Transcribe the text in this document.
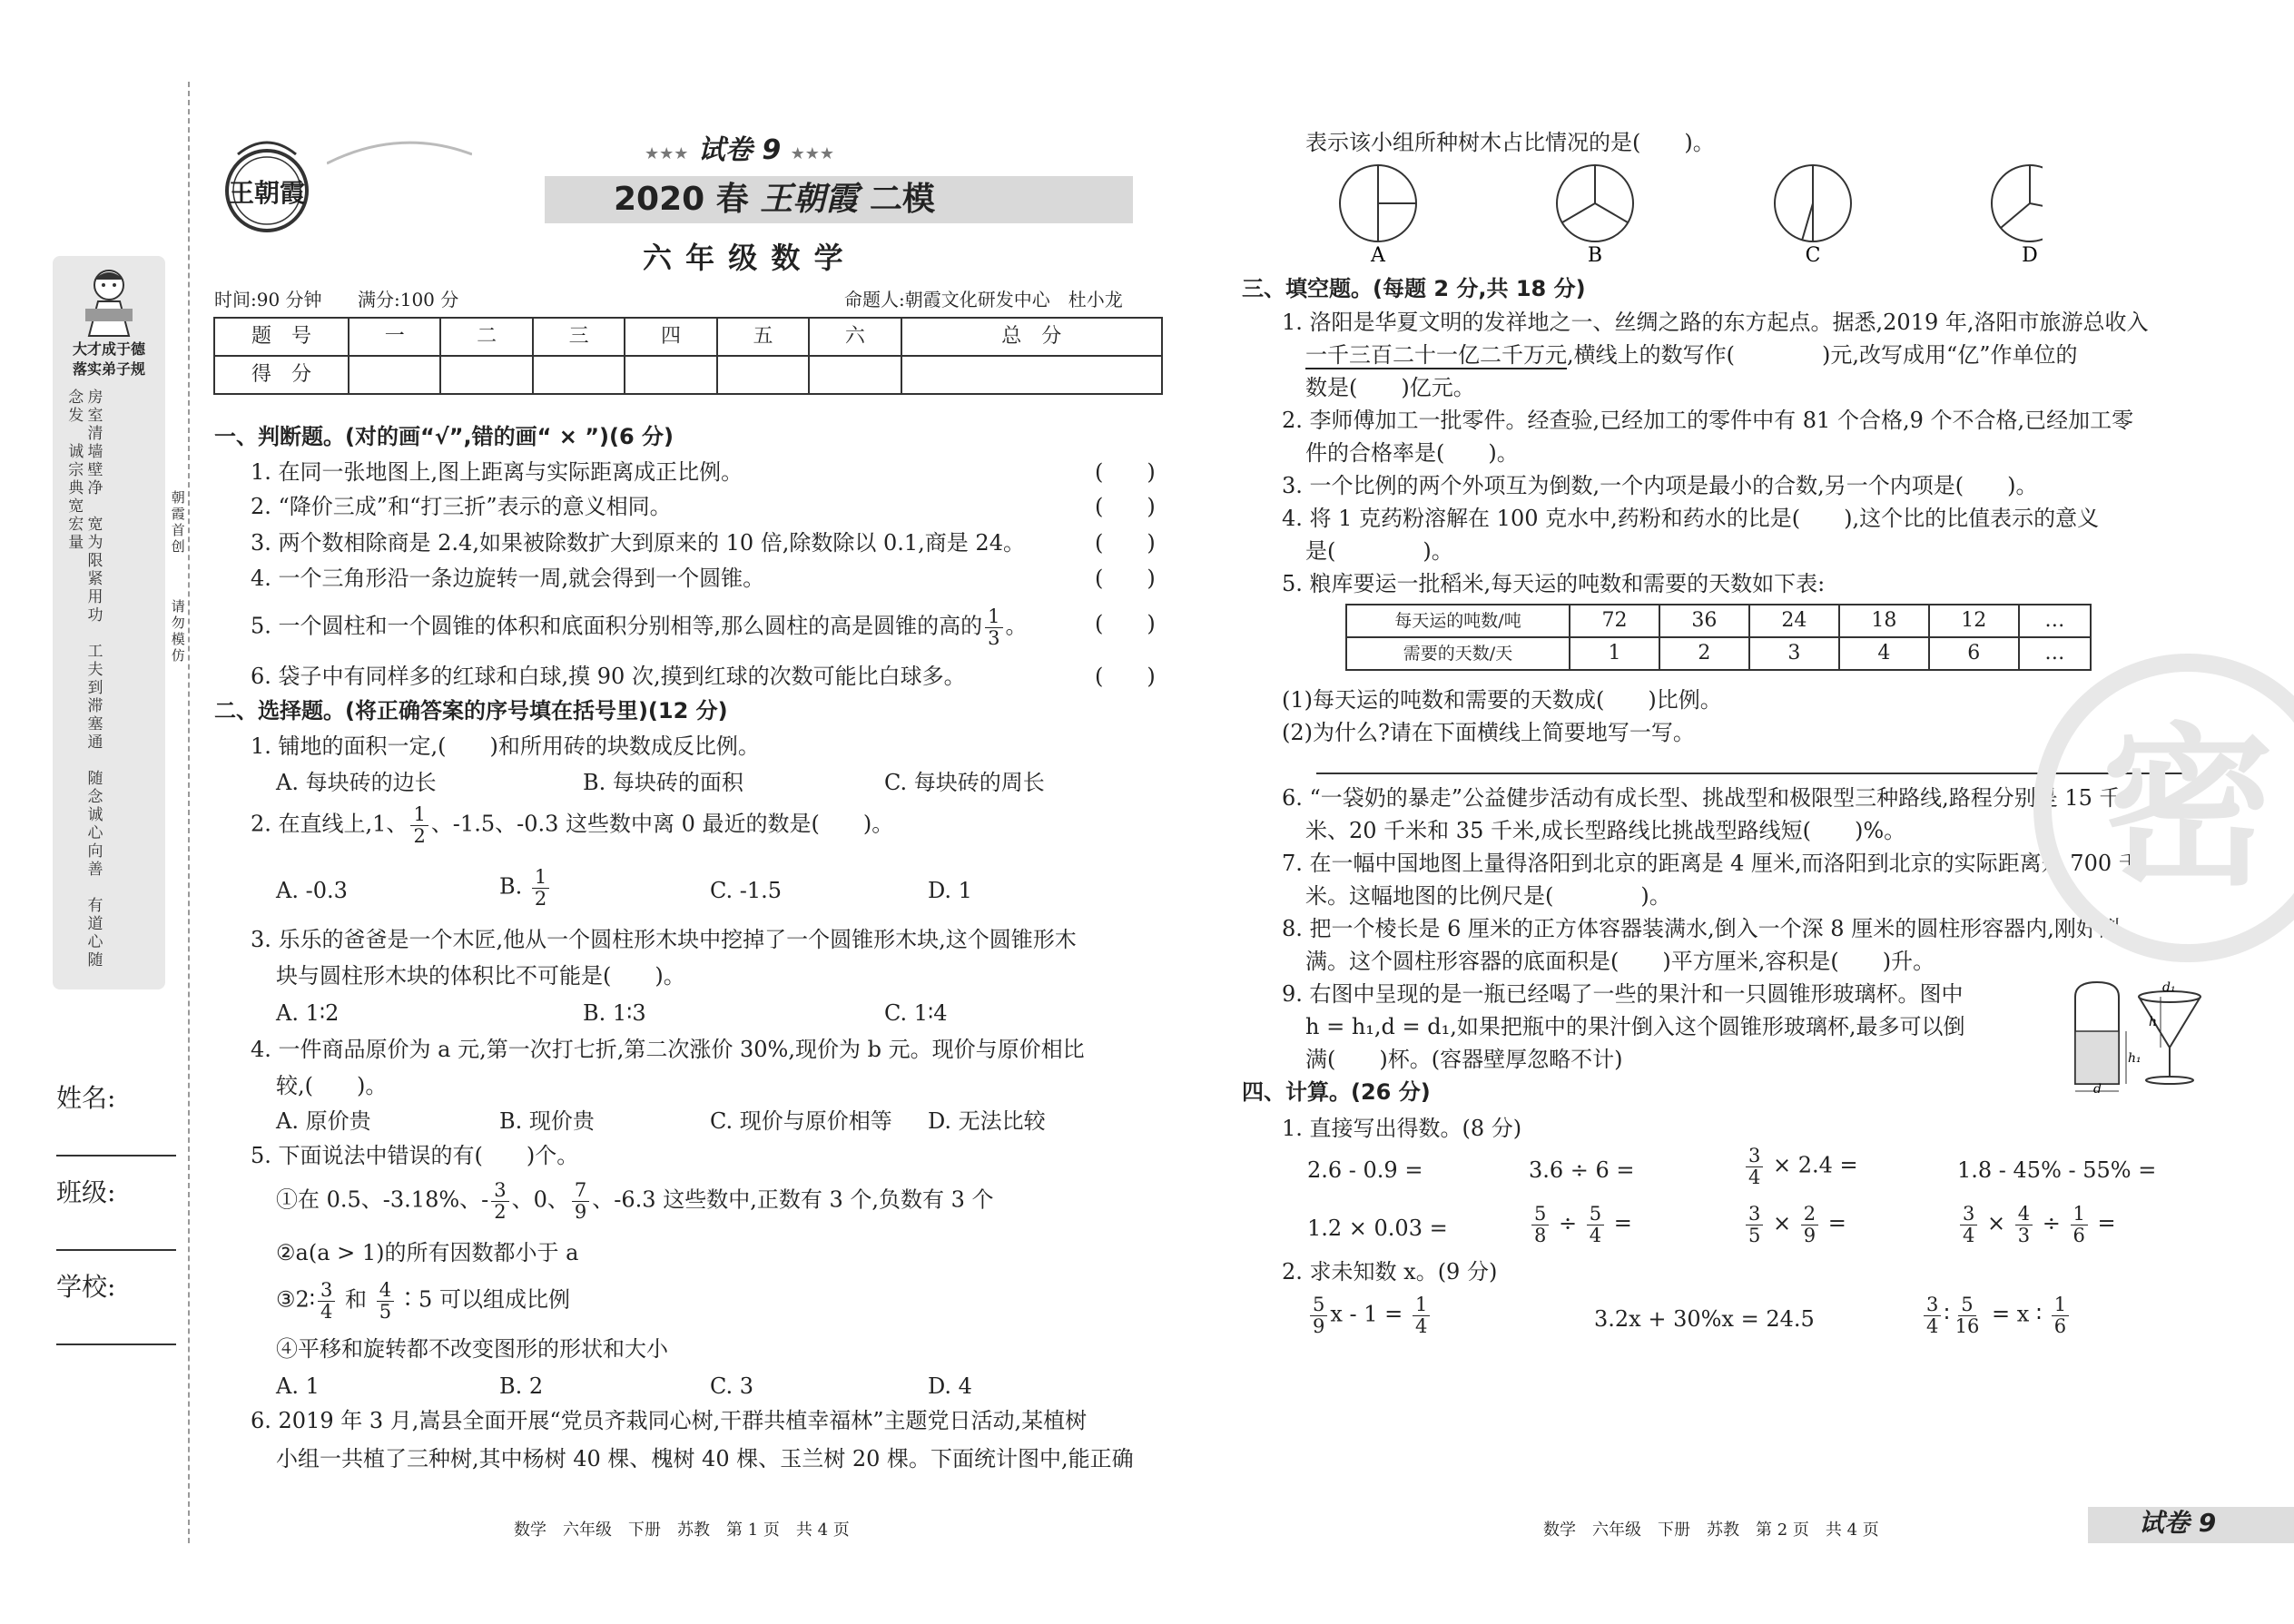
大才成于德
落实弟子规
房室清墙壁净　宽为限紧用功　工夫到滞塞通　随念诚心向善　有道心随念发　诚宗典宽宏量	朝霞首创
请勿模仿
姓名:
班级:
学校:
王朝霞
★★★ 试卷 9 ★★★
2020 春 王朝霞 二模
六 年 级 数 学
时间:90 分钟 满分:100 分	命题人:朝霞文化研发中心　杜小龙
题　号	一	二	三	四	五	六	总　分
得　分							
一、判断题。(对的画“√”,错的画“ × ”)(6 分)
1. 在同一张地图上,图上距离与实际距离成正比例。
2. “降价三成”和“打三折”表示的意义相同。
3. 两个数相除商是 2.4,如果被除数扩大到原来的 10 倍,除数除以 0.1,商是 24。
4. 一个三角形沿一条边旋转一周,就会得到一个圆锥。
5. 一个圆柱和一个圆锥的体积和底面积分别相等,那么圆柱的高是圆锥的高的 $\frac{1}{3}$ 。
6. 袋子中有同样多的红球和白球,摸 90 次,摸到红球的次数可能比白球多。
(　　)
(　　)
(　　)
(　　)
(　　)
(　　)
二、选择题。(将正确答案的序号填在括号里)(12 分)
1. 铺地的面积一定,(　　)和所用砖的块数成反比例。
A. 每块砖的边长	B. 每块砖的面积	C. 每块砖的周长
2. 在直线上,1、 $\frac{1}{2}$ 、-1.5、-0.3 这些数中离 0 最近的数是(　　)。
A. -0.3	B. $\frac{1}{2}$	C. -1.5	D. 1
3. 乐乐的爸爸是一个木匠,他从一个圆柱形木块中挖掉了一个圆锥形木块,这个圆锥形木
块与圆柱形木块的体积比不可能是(　　)。
A. 1∶2	B. 1∶3	C. 1∶4
4. 一件商品原价为 a 元,第一次打七折,第二次涨价 30%,现价为 b 元。现价与原价相比
较,(　　)。
A. 原价贵	B. 现价贵	C. 现价与原价相等 D. 无法比较
5. 下面说法中错误的有(　　)个。
①在 0.5、-3.18%、- $\frac{3}{2}$ 、0、 $\frac{7}{9}$ 、-6.3 这些数中,正数有 3 个,负数有 3 个
②a(a > 1)的所有因数都小于 a
③2∶ $\frac{3}{4}$ 和 $\frac{4}{5}$ ∶5 可以组成比例
④平移和旋转都不改变图形的形状和大小
A. 1	B. 2	C. 3	D. 4
6. 2019 年 3 月,嵩县全面开展“党员齐栽同心树,干群共植幸福林”主题党日活动,某植树
小组一共植了三种树,其中杨树 40 棵、槐树 40 棵、玉兰树 20 棵。下面统计图中,能正确
数学　六年级　下册　苏教　第 1 页　共 4 页
表示该小组所种树木占比情况的是(　　)。
A	B	C	D
三、填空题。(每题 2 分,共 18 分)
1. 洛阳是华夏文明的发祥地之一、丝绸之路的东方起点。据悉,2019 年,洛阳市旅游总收入
一千三百二十一亿二千万元,横线上的数写作(　　　　)元,改写成用“亿”作单位的
数是(　　)亿元。
2. 李师傅加工一批零件。经查验,已经加工的零件中有 81 个合格,9 个不合格,已经加工零
件的合格率是(　　)。
3. 一个比例的两个外项互为倒数,一个内项是最小的合数,另一个内项是(　　)。
4. 将 1 克药粉溶解在 100 克水中,药粉和药水的比是(　　),这个比的比值表示的意义
是(　　　　)。
5. 粮库要运一批稻米,每天运的吨数和需要的天数如下表:
每天运的吨数/吨	72	36	24	18	12	…
需要的天数/天	1	2	3	4	6	…
(1)每天运的吨数和需要的天数成(　　)比例。
(2)为什么?请在下面横线上简要地写一写。
6. “一袋奶的暴走”公益健步活动有成长型、挑战型和极限型三种路线,路程分别是 15 千
米、20 千米和 35 千米,成长型路线比挑战型路线短(　　)%。
7. 在一幅中国地图上量得洛阳到北京的距离是 4 厘米,而洛阳到北京的实际距离是 700 千
米。这幅地图的比例尺是(　　　　)。
8. 把一个棱长是 6 厘米的正方体容器装满水,倒入一个深 8 厘米的圆柱形容器内,刚好倒
满。这个圆柱形容器的底面积是(　　)平方厘米,容积是(　　)升。
9. 右图中呈现的是一瓶已经喝了一些的果汁和一只圆锥形玻璃杯。图中
h = h₁,d = d₁,如果把瓶中的果汁倒入这个圆锥形玻璃杯,最多可以倒
满(　　)杯。(容器壁厚忽略不计)
d₁
h
h₁
d
四、计算。(26 分)
1. 直接写出得数。(8 分)
2.6 - 0.9 =	3.6 ÷ 6 =	$\frac{3}{4} \times 2.4$ =	1.8 - 45% - 55% =
1.2 × 0.03 =	$\frac{5}{8} \div \frac{5}{4}$ =	$\frac{3}{5} \times \frac{2}{9}$ =	$\frac{3}{4} \times \frac{4}{3} \div \frac{1}{6}$ =
2. 求未知数 x。(9 分)
$\frac{5}{9}$ $x - 1 = \frac{1}{4}$	3.2x + 30%x = 24.5	$\frac{3}{4}$ ∶ $\frac{5}{16} = x$ ∶ $\frac{1}{6}$
数学　六年级　下册　苏教　第 2 页　共 4 页	试卷 9
密
